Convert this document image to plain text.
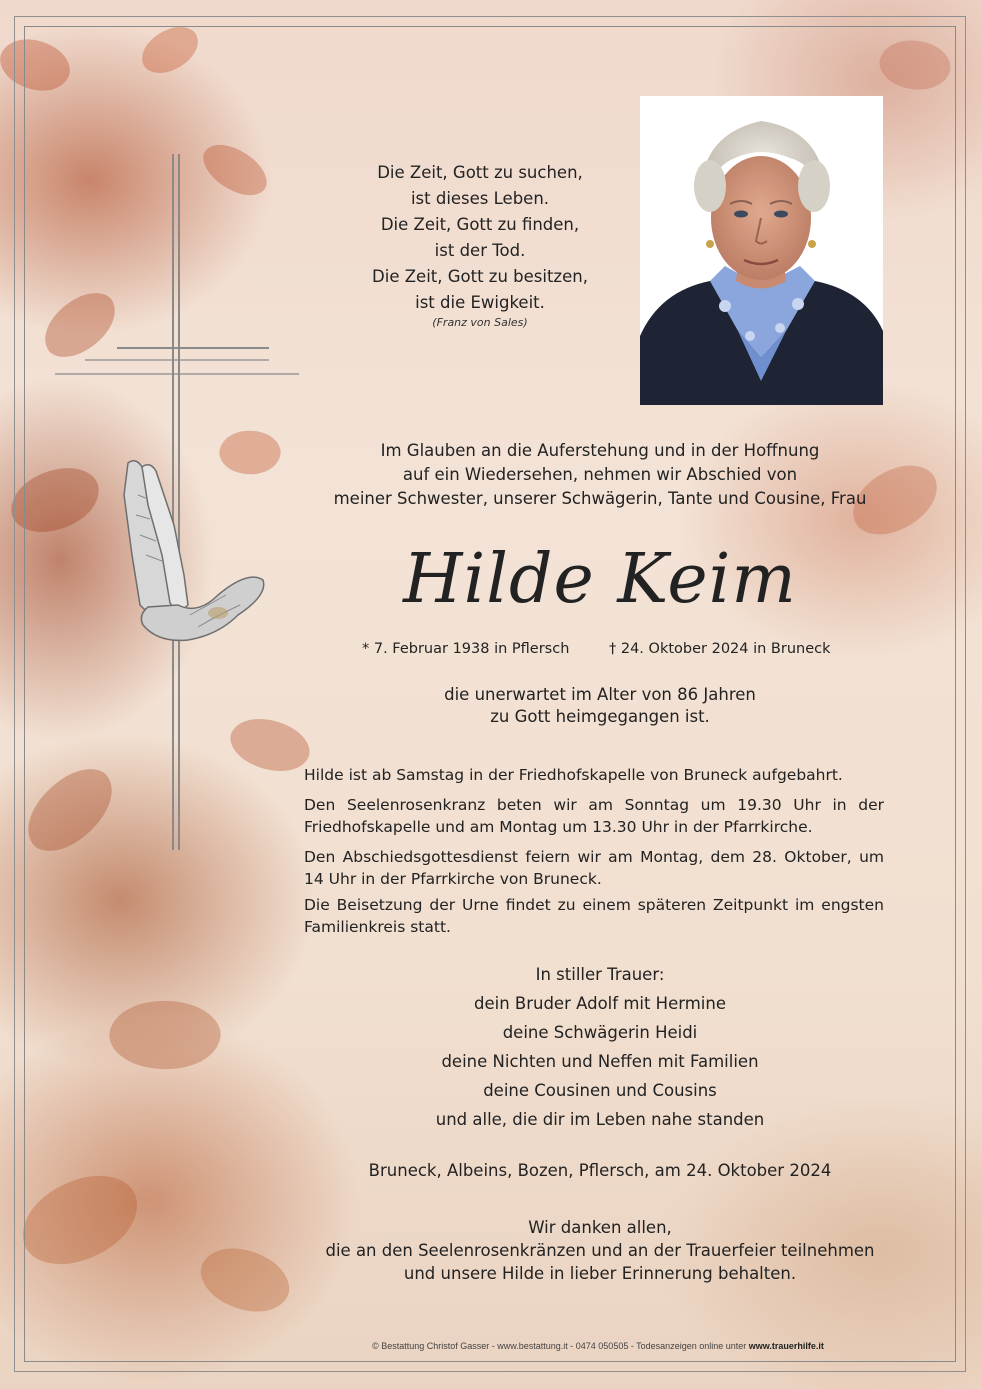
Die Zeit, Gott zu suchen,
ist dieses Leben.
Die Zeit, Gott zu finden,
ist der Tod.
Die Zeit, Gott zu besitzen,
ist die Ewigkeit.
(Franz von Sales)
Im Glauben an die Auferstehung und in der Hoffnung
auf ein Wiedersehen, nehmen wir Abschied von
meiner Schwester, unserer Schwägerin, Tante und Cousine, Frau
Hilde Keim
* 7. Februar 1938 in Pflersch	† 24. Oktober 2024 in Bruneck
die unerwartet im Alter von 86 Jahren
zu Gott heimgegangen ist.
Hilde ist ab Samstag in der Friedhofskapelle von Bruneck aufgebahrt.
Den Seelenrosenkranz beten wir am Sonntag um 19.30 Uhr in der Friedhofskapelle und am Montag um 13.30 Uhr in der Pfarrkirche.
Den Abschiedsgottesdienst feiern wir am Montag, dem 28. Oktober, um 14 Uhr in der Pfarrkirche von Bruneck.
Die Beisetzung der Urne findet zu einem späteren Zeitpunkt im engsten Familienkreis statt.
In stiller Trauer:
dein Bruder Adolf mit Hermine
deine Schwägerin Heidi
deine Nichten und Neffen mit Familien
deine Cousinen und Cousins
und alle, die dir im Leben nahe standen
Bruneck, Albeins, Bozen, Pflersch, am 24. Oktober 2024
Wir danken allen,
die an den Seelenrosenkränzen und an der Trauerfeier teilnehmen
und unsere Hilde in lieber Erinnerung behalten.
© Bestattung Christof Gasser - www.bestattung.it - 0474 050505 - Todesanzeigen online unter www.trauerhilfe.it
